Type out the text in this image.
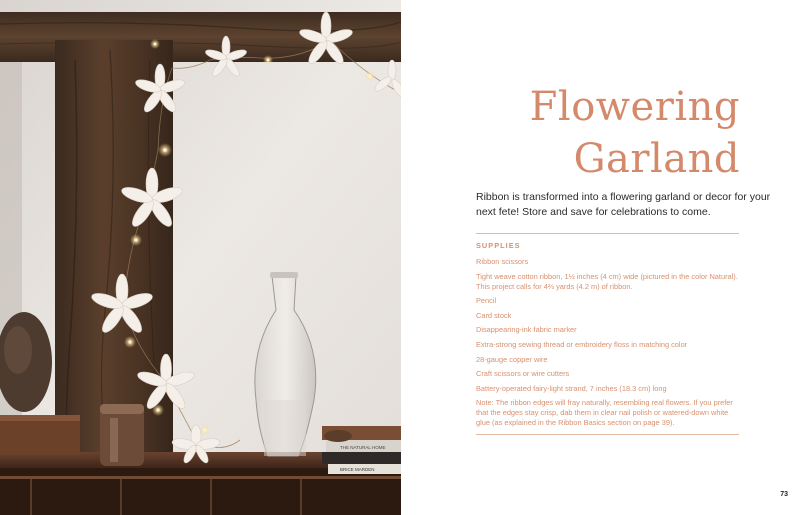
THE NATURAL HOME
BRICE MARDEN
Flowering
Garland

Ribbon is transformed into a flowering garland or decor for your next fete! Store and save for celebrations to come.

SUPPLIES
Ribbon scissors
Tight weave cotton ribbon, 1½ inches (4 cm) wide (pictured in the color Natural). This project calls for 4⅔ yards (4.2 m) of ribbon.
Pencil
Card stock
Disappearing-ink fabric marker
Extra-strong sewing thread or embroidery floss in matching color
28-gauge copper wire
Craft scissors or wire cutters
Battery-operated fairy-light strand, 7 inches (18.3 cm) long
Note: The ribbon edges will fray naturally, resembling real flowers. If you prefer that the edges stay crisp, dab them in clear nail polish or watered-down white glue (as explained in the Ribbon Basics section on page 39).
73
